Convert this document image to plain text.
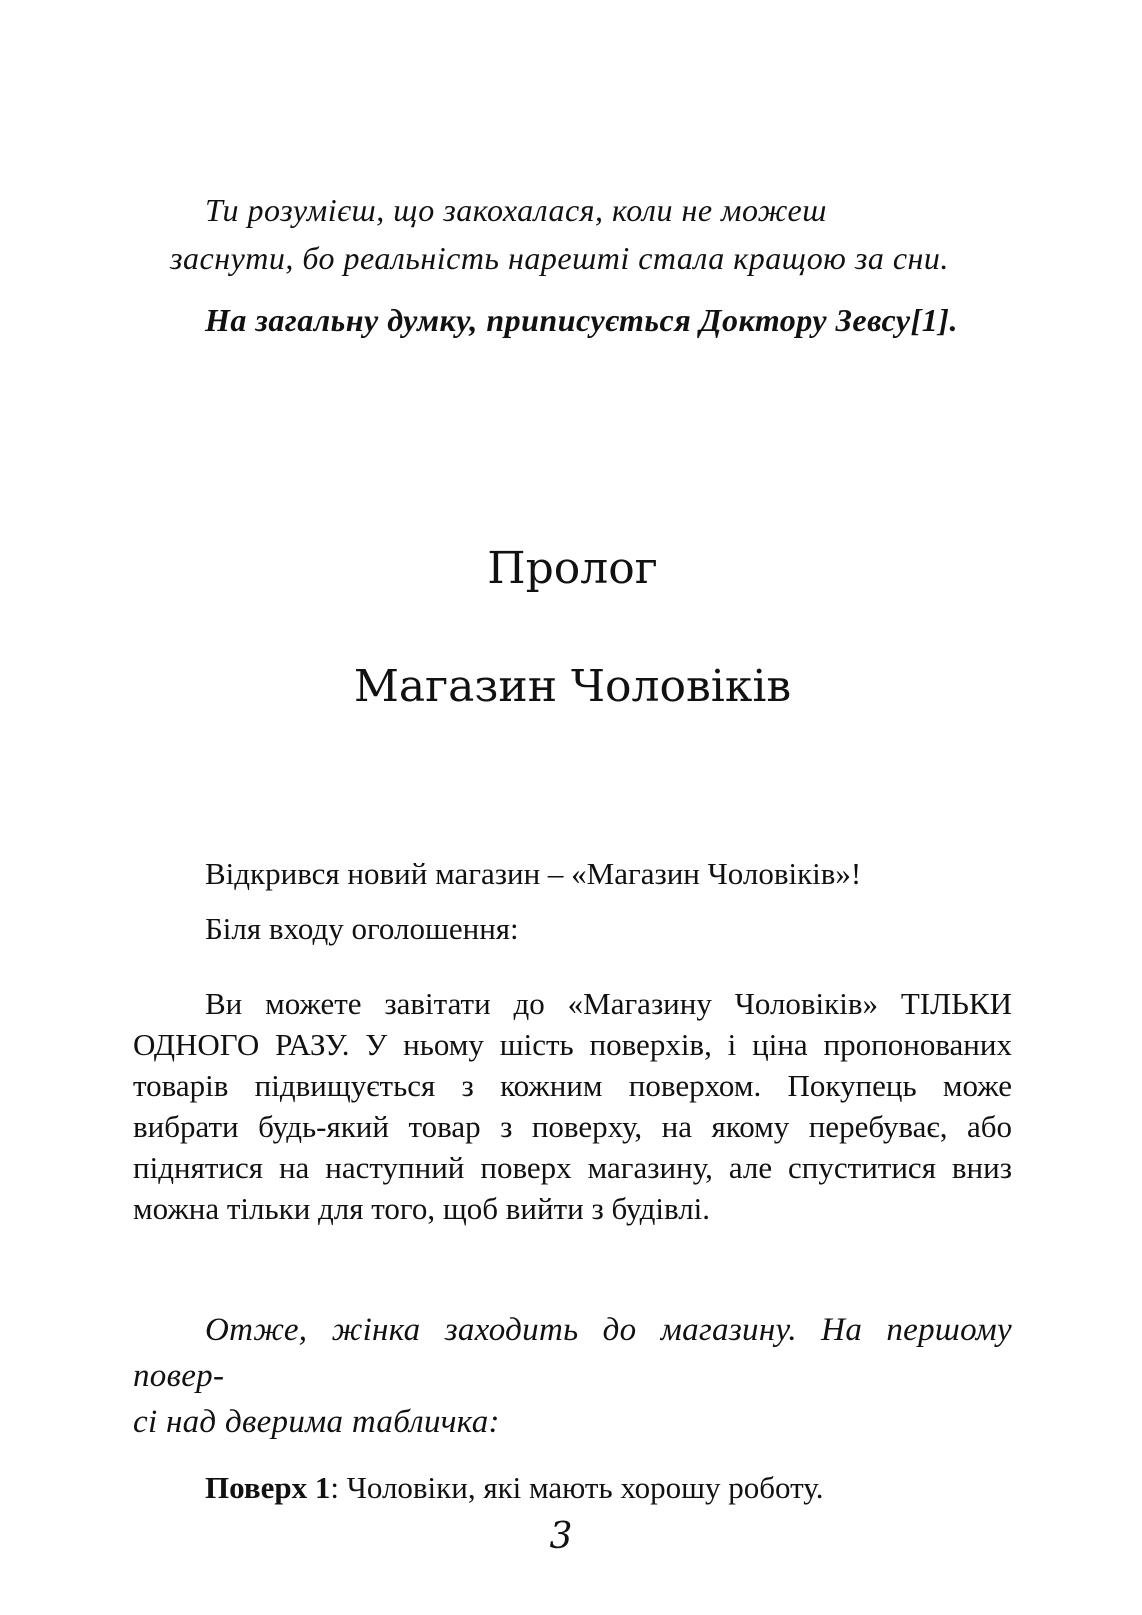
Ти розумієш, що закохалася, коли не можеш заснути, бо реальність нарешті стала кращою за сни.
На загальну думку, приписується Доктору Зевсу[1].
Пролог
Магазин Чоловіків

Відкрився новий магазин – «Магазин Чоловіків»!

Біля входу оголошення:

Ви можете завітати до «Магазину Чоловіків» ТІЛЬКИ ОДНОГО РАЗУ. У ньому шість поверхів, і ціна пропонованих товарів підвищується з кожним поверхом. Покупець може вибрати будь-який товар з поверху, на якому перебуває, або піднятися на наступний поверх магазину, але спуститися вниз можна тільки для того, щоб вийти з будівлі.

Отже, жінка заходить до магазину. На першому повер-
сі над дверима табличка:

Поверх 1: Чоловіки, які мають хорошу роботу.

3
